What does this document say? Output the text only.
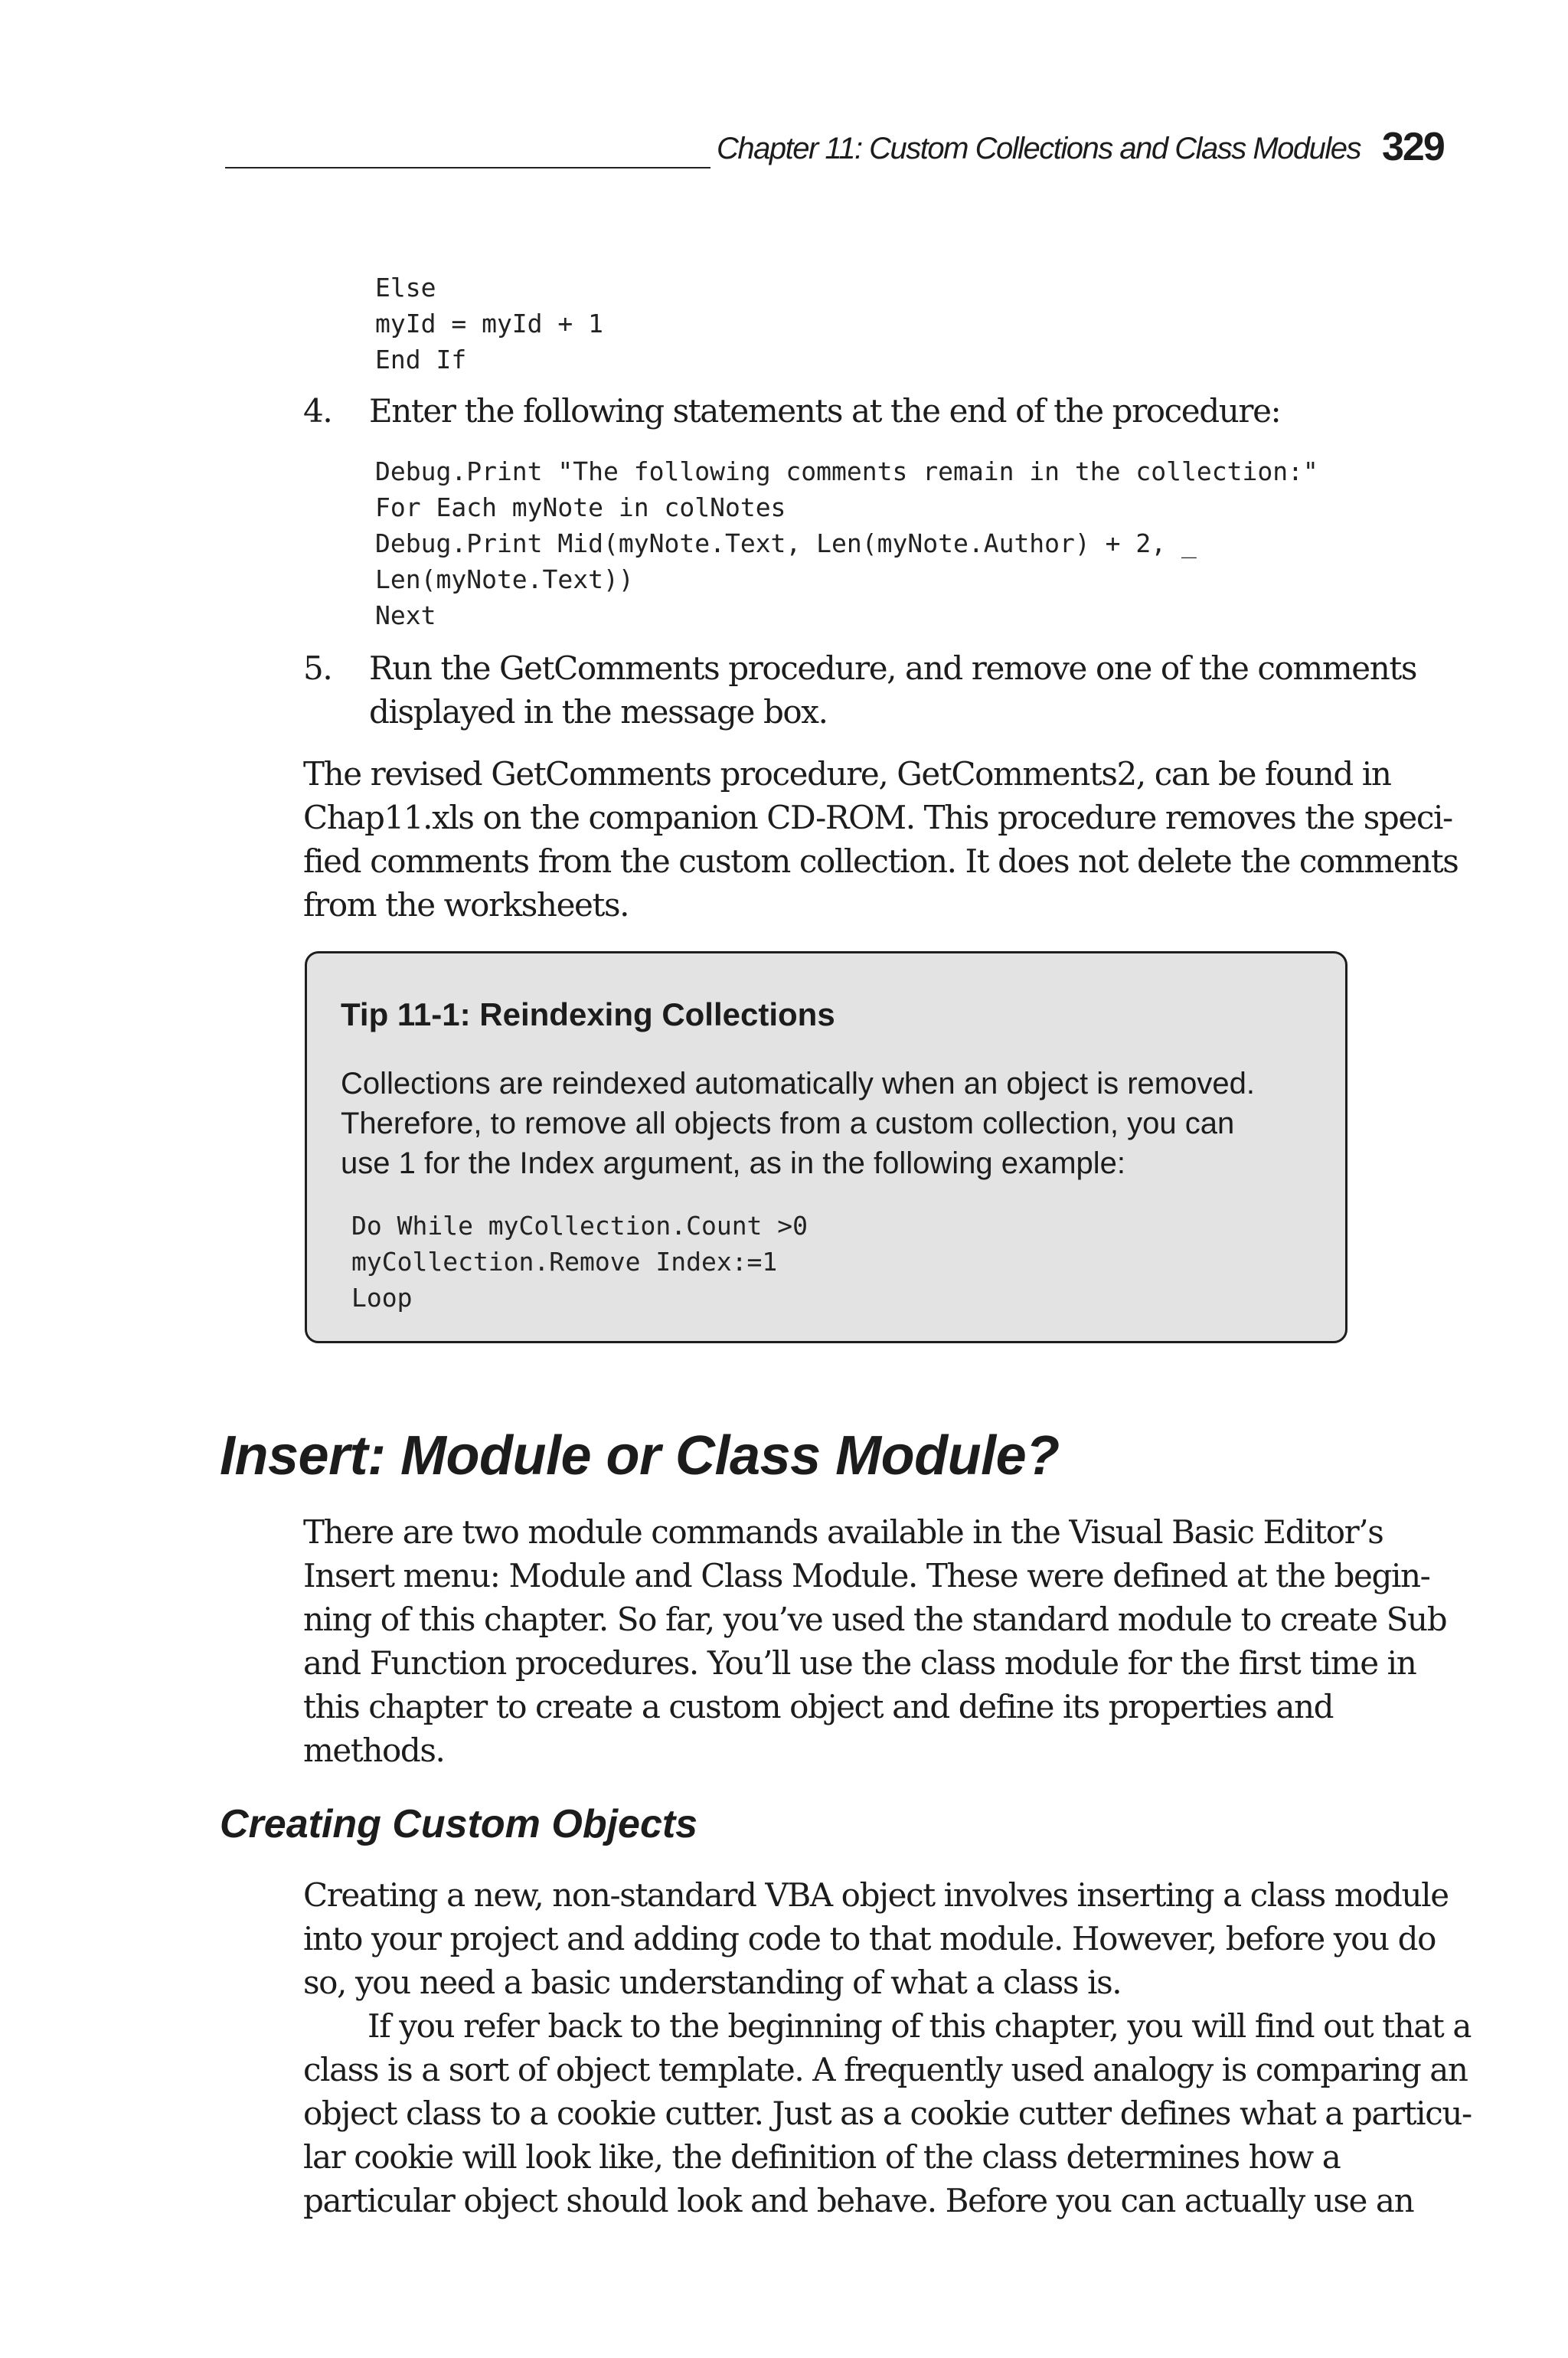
Chapter 11: Custom Collections and Class Modules 329
Else
myId = myId + 1
End If
4. Enter the following statements at the end of the procedure:
Debug.Print "The following comments remain in the collection:"
For Each myNote in colNotes
Debug.Print Mid(myNote.Text, Len(myNote.Author) + 2, _
Len(myNote.Text))
Next
5. Run the GetComments procedure, and remove one of the comments
displayed in the message box.
The revised GetComments procedure, GetComments2, can be found in
Chap11.xls on the companion CD-ROM. This procedure removes the speci-
fied comments from the custom collection. It does not delete the comments
from the worksheets.
Tip 11-1: Reindexing Collections
Collections are reindexed automatically when an object is removed.
Therefore, to remove all objects from a custom collection, you can
use 1 for the Index argument, as in the following example:
Do While myCollection.Count >0
myCollection.Remove Index:=1
Loop
Insert: Module or Class Module?
There are two module commands available in the Visual Basic Editor’s
Insert menu: Module and Class Module. These were defined at the begin-
ning of this chapter. So far, you’ve used the standard module to create Sub
and Function procedures. You’ll use the class module for the first time in
this chapter to create a custom object and define its properties and
methods.
Creating Custom Objects
Creating a new, non-standard VBA object involves inserting a class module
into your project and adding code to that module. However, before you do
so, you need a basic understanding of what a class is.
If you refer back to the beginning of this chapter, you will find out that a
class is a sort of object template. A frequently used analogy is comparing an
object class to a cookie cutter. Just as a cookie cutter defines what a particu-
lar cookie will look like, the definition of the class determines how a
particular object should look and behave. Before you can actually use an
